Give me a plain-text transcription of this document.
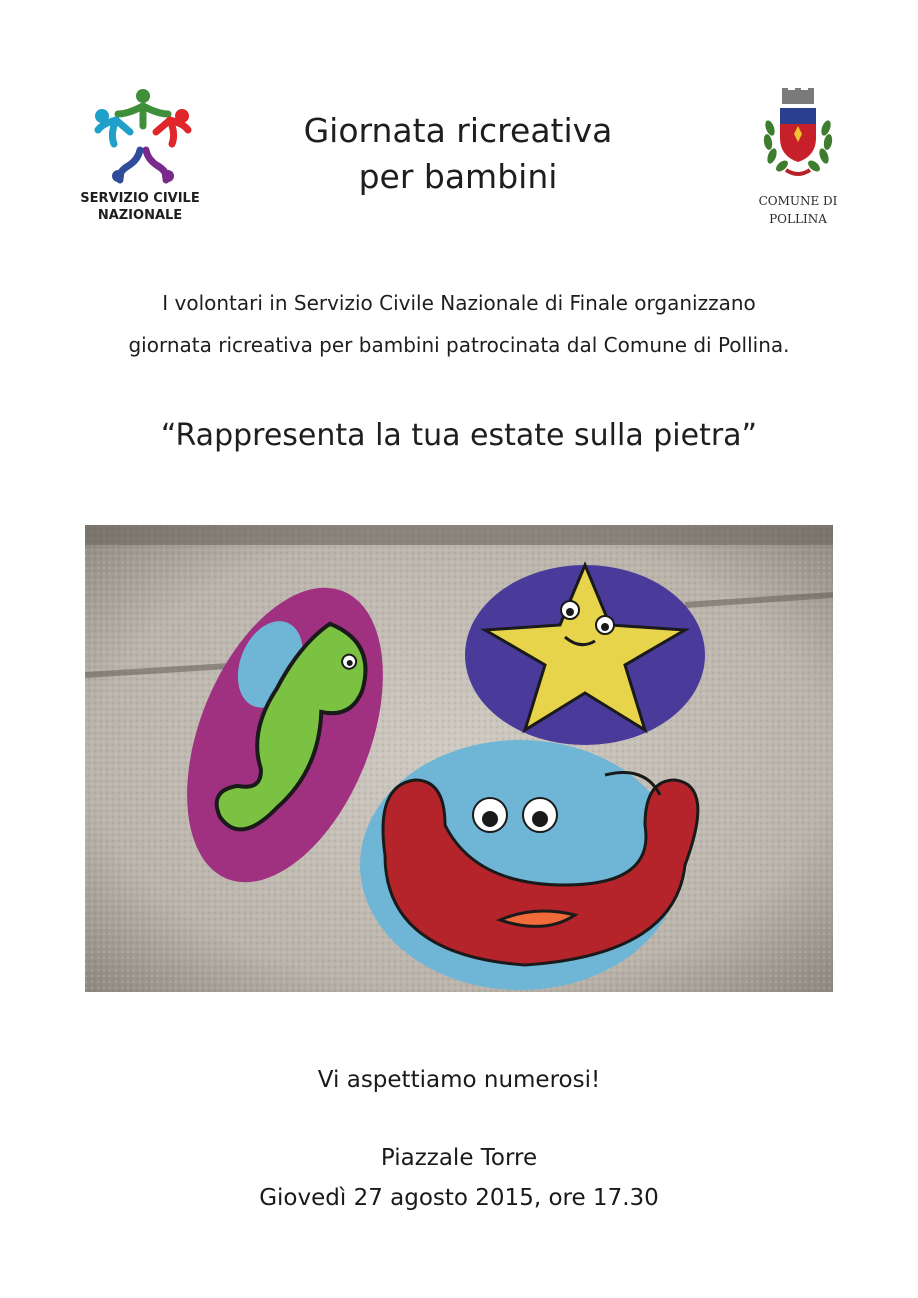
SERVIZIO CIVILE
NAZIONALE
Giornata ricreativa
per bambini
COMUNE DI
POLLINA
I volontari in Servizio Civile Nazionale di Finale organizzano
giornata ricreativa per bambini patrocinata dal Comune di Pollina.
“Rappresenta la tua estate sulla pietra”
Vi aspettiamo numerosi!
Piazzale Torre
Giovedì 27 agosto 2015, ore 17.30
